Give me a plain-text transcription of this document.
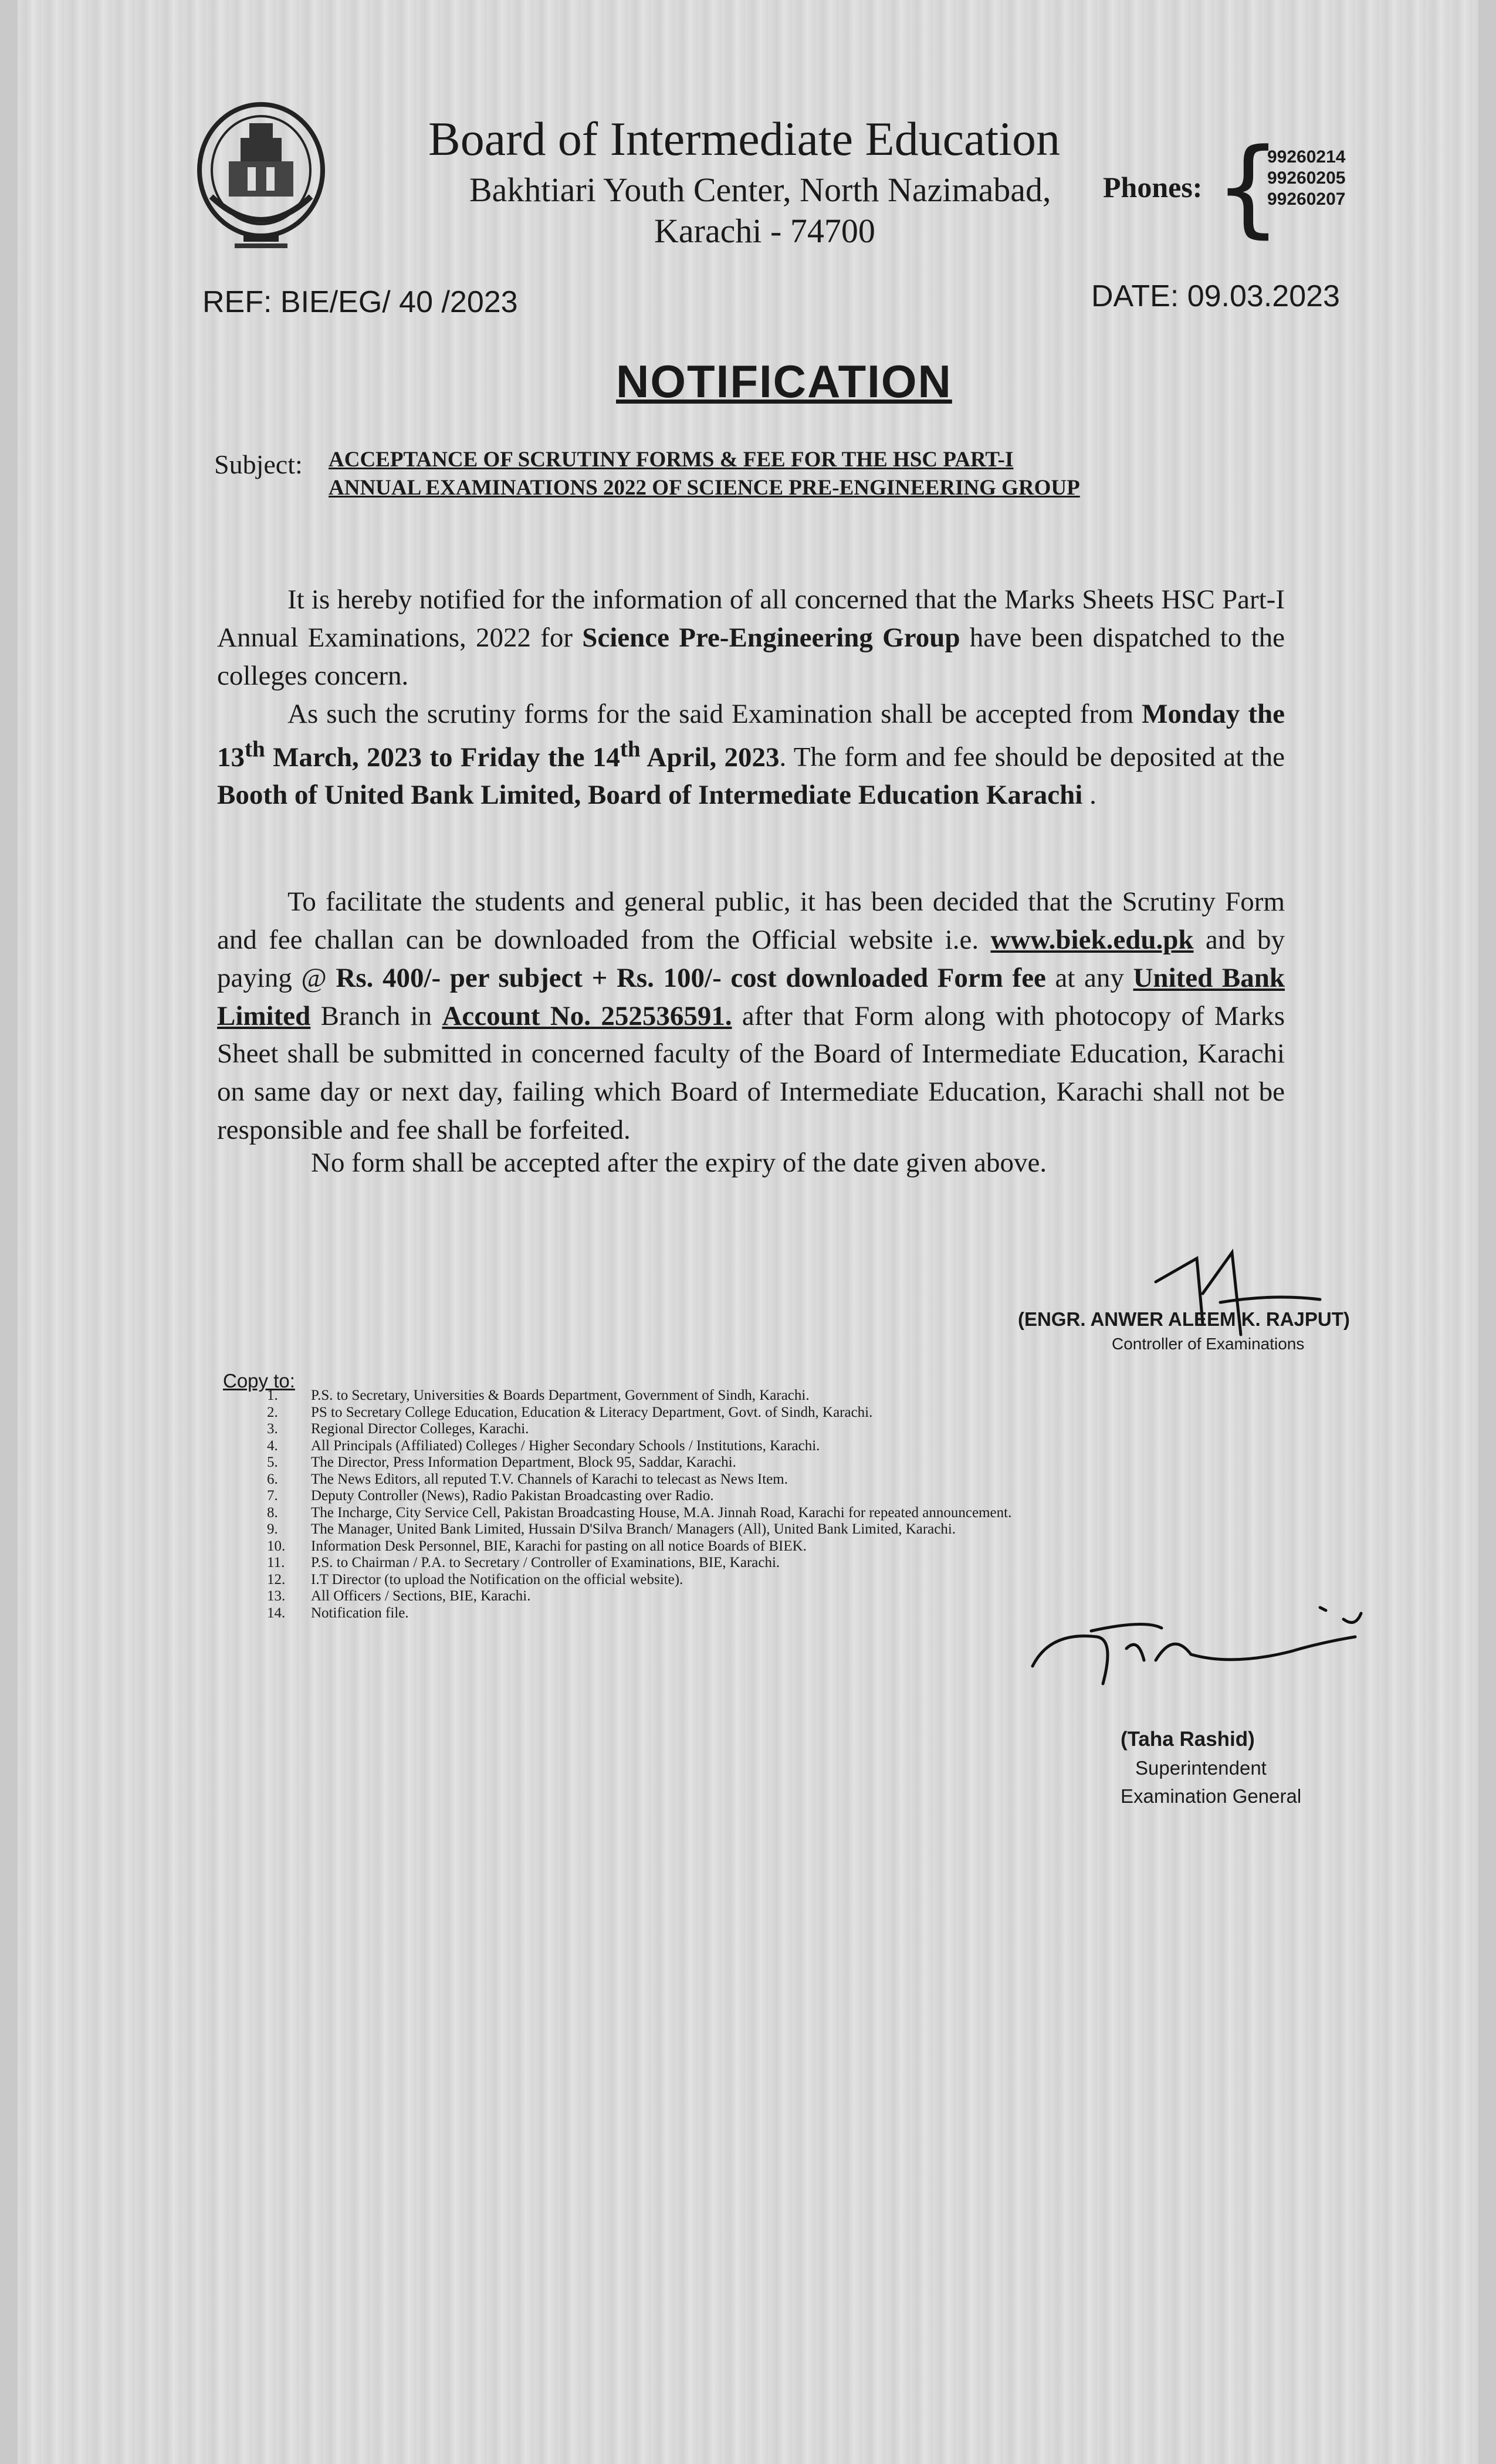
Board of Intermediate Education
Bakhtiari Youth Center, North Nazimabad,
Karachi - 74700
Phones: {
99260214
99260205
99260207
REF: BIE/EG/ 40 /2023	DATE: 09.03.2023
NOTIFICATION
Subject: ACCEPTANCE OF SCRUTINY FORMS & FEE FOR THE HSC PART-I
ANNUAL EXAMINATIONS 2022 OF SCIENCE PRE-ENGINEERING GROUP
It is hereby notified for the information of all concerned that the Marks Sheets HSC Part-I Annual Examinations, 2022 for Science Pre-Engineering Group have been dispatched to the colleges concern.
As such the scrutiny forms for the said Examination shall be accepted from Monday the 13th March, 2023 to Friday the 14th April, 2023. The form and fee should be deposited at the Booth of United Bank Limited, Board of Intermediate Education Karachi .
To facilitate the students and general public, it has been decided that the Scrutiny Form and fee challan can be downloaded from the Official website i.e. www.biek.edu.pk and by paying @ Rs. 400/- per subject + Rs. 100/- cost downloaded Form fee at any United Bank Limited Branch in Account No. 252536591. after that Form along with photocopy of Marks Sheet shall be submitted in concerned faculty of the Board of Intermediate Education, Karachi on same day or next day, failing which Board of Intermediate Education, Karachi shall not be responsible and fee shall be forfeited.
No form shall be accepted after the expiry of the date given above.
(ENGR. ANWER ALEEM K. RAJPUT)
Controller of Examinations
Copy to:
1. P.S. to Secretary, Universities & Boards Department, Government of Sindh, Karachi.
2. PS to Secretary College Education, Education & Literacy Department, Govt. of Sindh, Karachi.
3. Regional Director Colleges, Karachi.
4. All Principals (Affiliated) Colleges / Higher Secondary Schools / Institutions, Karachi.
5. The Director, Press Information Department, Block 95, Saddar, Karachi.
6. The News Editors, all reputed T.V. Channels of Karachi to telecast as News Item.
7. Deputy Controller (News), Radio Pakistan Broadcasting over Radio.
8. The Incharge, City Service Cell, Pakistan Broadcasting House, M.A. Jinnah Road, Karachi for repeated announcement.
9. The Manager, United Bank Limited, Hussain D'Silva Branch/ Managers (All), United Bank Limited, Karachi.
10. Information Desk Personnel, BIE, Karachi for pasting on all notice Boards of BIEK.
11. P.S. to Chairman / P.A. to Secretary / Controller of Examinations, BIE, Karachi.
12. I.T Director (to upload the Notification on the official website).
13. All Officers / Sections, BIE, Karachi.
14. Notification file.
(Taha Rashid)
Superintendent
Examination General
